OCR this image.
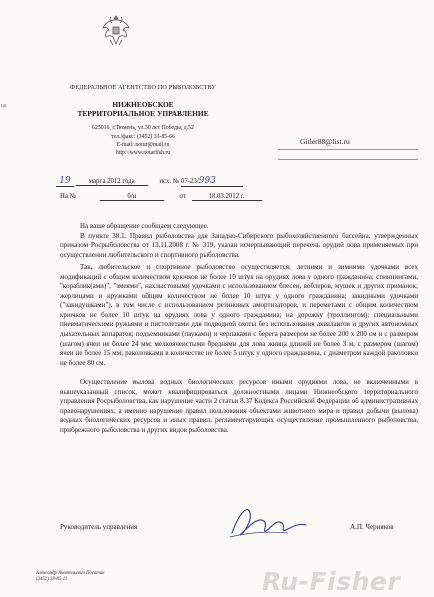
ца
ФЕДЕРАЛЬНОЕ АГЕНТСТВО ПО РЫБОЛОВСТВУ
НИЖНЕОБСКОЕ
ТЕРРИТОРИАЛЬНОЕ УПРАВЛЕНИЕ
625016, г.Тюмень, ул.30 лет Победы, д.52
тел./факс: (3452) 33-85-66
E-mail: notur@mail.ru
http://www.notarfish.ru
Gitler88@list.ru
19	марта 2012 года	исх. № 07-23/993
На №	б/н	от	18.03.2012 г.

На ваше обращение сообщаем следующее.

В пункте 38.1. Правил рыболовства для Западно-Сибирского рыбохозяйственного бассейна, утвержденных приказом Росрыболовства от 13.11.2008 г. № 319, указан исчерпывающий перечень орудий лова применяемых при осуществлении любительского и спортивного рыболовства.

Так, любительское и спортивное рыболовство осуществляется: летними и зимними удочками всех модификаций с общим количеством крючков не более 10 штук на орудиях лова у одного гражданина; спиннингами, "кораблик(ами)", "змеями", нахлыстовыми удочками с использованием блесен, воблеров, мушек и других приманок; жерлицами и кружками общим количеством не более 10 штук у одного гражданина; закидными удочками ("закидушками"), в том числе с использованием резиновых амортизаторов, и переметами с общим количеством крючков не более 10 штук на орудиях лова у одного гражданина; на дорожку (троллингом); специальными пневматическими ружьями и пистолетами для подводной охоты без использования аквалангов и других автономных дыхательных аппаратов; подъемниками (пауками) и черпаками с берега размером не более 200 х 200 см и с размером (шагом) ячеи не более 24 мм; мелкоячеистыми бреднями для лова живца длиной не более 3 м, с размером (шагом) ячеи не более 15 мм; раколовками в количестве не более 5 штук у одного гражданина, с диаметром каждой раколовки не более 80 см.

Осуществление вылова водных биологических ресурсов иными орудиями лова, не включенными в вышеуказанный список, может квалифицироваться должностными лицами Нижнеобского территориального управления Росрыболовства, как нарушение части 2 статьи 8.37 Кодекса Российской Федерации об административных правонарушениях, а именно нарушение правил пользования объектами животного мира и правил добычи (вылова) водных биологических ресурсов и иных правил, регламентирующих осуществление промышленного рыболовства, прибрежного рыболовства и других видов рыболовства.

Руководитель управления	А.П. Черняков
Александр Анатольевич Пасатин
(3452) 33-85-11	Ru-Fisher
